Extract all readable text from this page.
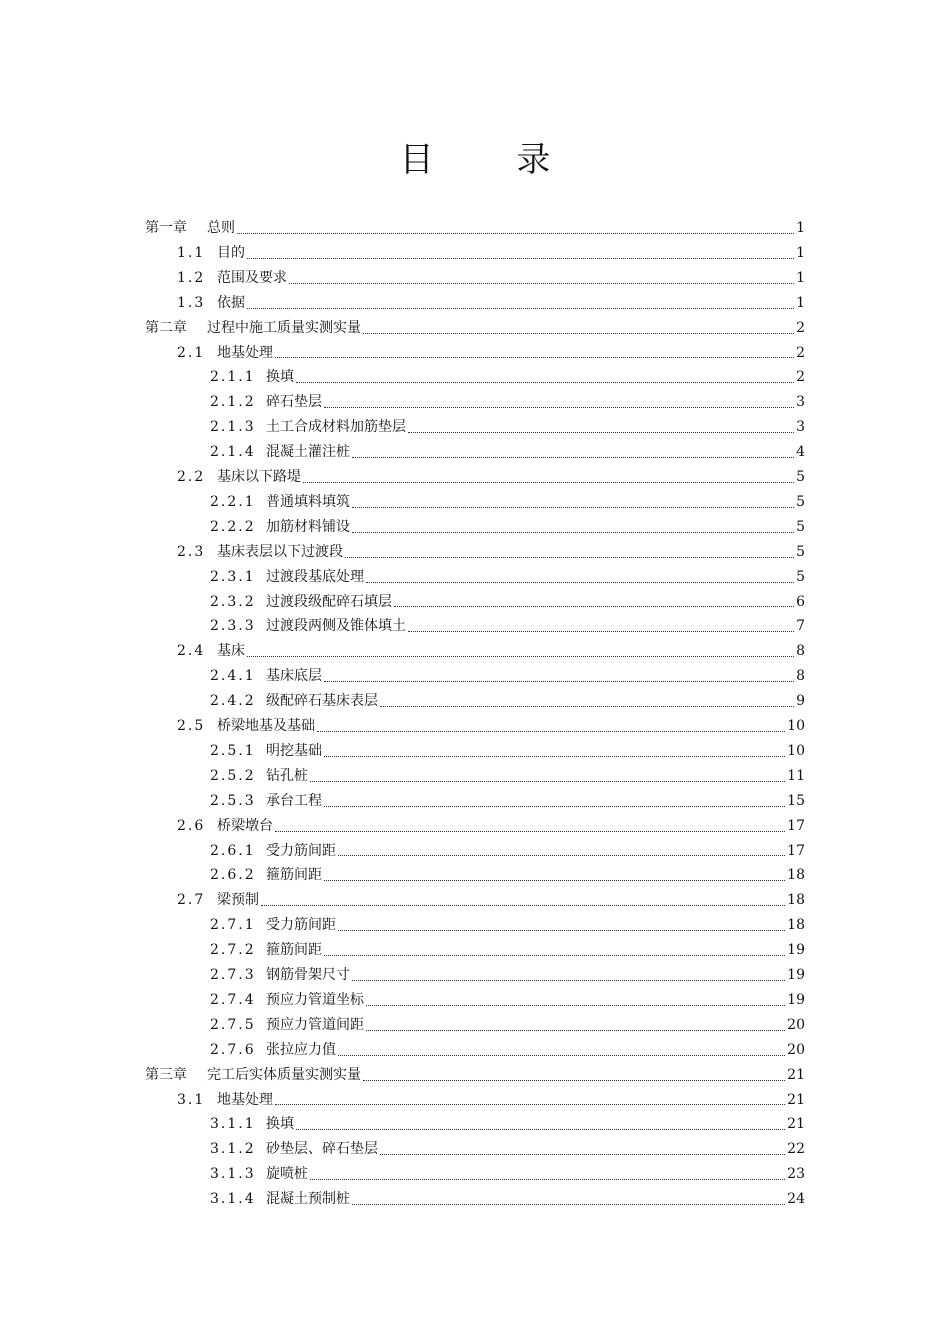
目 录
第一章	总则	1
1.1 目的	1
1.2 范围及要求	1
1.3 依据	1
第二章	过程中施工质量实测实量	2
2.1 地基处理	2
2.1.1 换填	2
2.1.2 碎石垫层	3
2.1.3 土工合成材料加筋垫层	3
2.1.4 混凝土灌注桩	4
2.2 基床以下路堤	5
2.2.1 普通填料填筑	5
2.2.2 加筋材料铺设	5
2.3 基床表层以下过渡段	5
2.3.1 过渡段基底处理	5
2.3.2 过渡段级配碎石填层	6
2.3.3 过渡段两侧及锥体填土	7
2.4 基床	8
2.4.1 基床底层	8
2.4.2 级配碎石基床表层	9
2.5 桥梁地基及基础	10
2.5.1 明挖基础	10
2.5.2 钻孔桩	11
2.5.3 承台工程	15
2.6 桥梁墩台	17
2.6.1 受力筋间距	17
2.6.2 箍筋间距	18
2.7 梁预制	18
2.7.1 受力筋间距	18
2.7.2 箍筋间距	19
2.7.3 钢筋骨架尺寸	19
2.7.4 预应力管道坐标	19
2.7.5 预应力管道间距	20
2.7.6 张拉应力值	20
第三章	完工后实体质量实测实量	21
3.1 地基处理	21
3.1.1 换填	21
3.1.2 砂垫层、碎石垫层	22
3.1.3 旋喷桩	23
3.1.4 混凝土预制桩	24
